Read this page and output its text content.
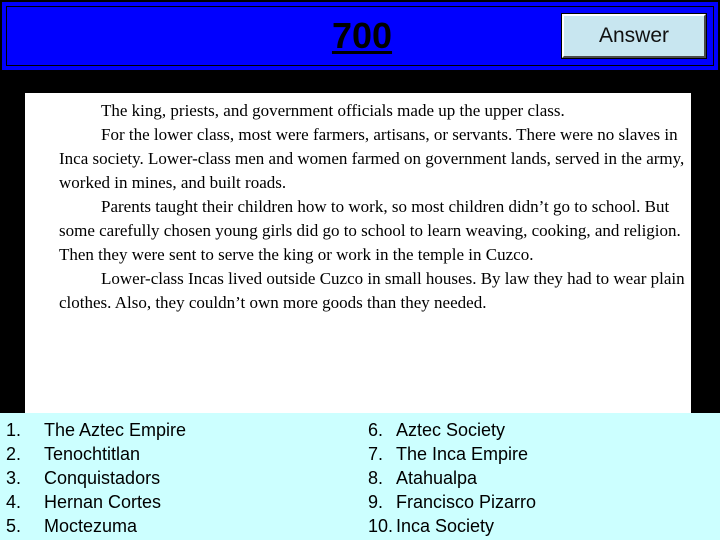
700	Answer

The king, priests, and government officials made up the upper class.

For the lower class, most were farmers, artisans, or servants. There were no slaves in Inca society. Lower-class men and women farmed on government lands, served in the army, worked in mines, and built roads.

Parents taught their children how to work, so most children didn’t go to school. But some carefully chosen young girls did go to school to learn weaving, cooking, and religion. Then they were sent to serve the king or work in the temple in Cuzco.

Lower-class Incas lived outside Cuzco in small houses. By law they had to wear plain clothes. Also, they couldn’t own more goods than they needed.

1.	The Aztec Empire
2.	Tenochtitlan
3.	Conquistadors
4.	Hernan Cortes
5.	Moctezuma
6. Aztec Society
7. The Inca Empire
8. Atahualpa
9. Francisco Pizarro
10. Inca Society
